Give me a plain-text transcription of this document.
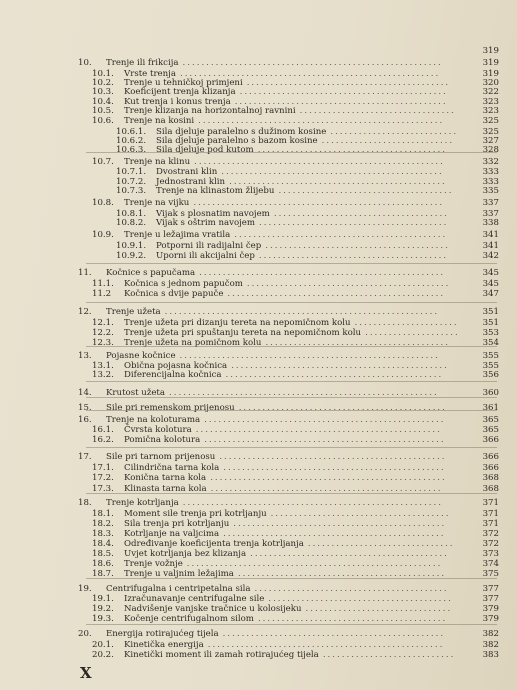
319
10. Trenje ili frikcija .......................................................	319
10.1. Vrste trenja .......................................................	319
10.2. Trenje u tehničkoj primjeni ...........................................	320
10.3. Koeficijent trenja klizanja ............................................	322
10.4. Kut trenja i konus trenja .............................................	323
10.5. Trenje klizanja na horizontalnoj ravnini .................................	323
10.6. Trenje na kosini ....................................................	325
10.6.1. Sila djeluje paralelno s dužinom kosine ...........................	325
10.6.2. Sila djeluje paralelno s bazom kosine ............................	327
10.6.3. Sila djeluje pod kutom ........................................	328
10.7. Trenje na klinu .....................................................	332
10.7.1. Dvostrani klin ...............................................	333
10.7.2. Jednostrani klin ..............................................	333
10.7.3. Trenje na klinastom žlijebu .....................................	335
10.8. Trenje na vijku .....................................................	337
10.8.1. Vijak s plosnatim navojem .....................................	337
10.8.2. Vijak s oštrim navojem ........................................	338
10.9. Trenje u ležajima vratila .............................................	341
10.9.1. Potporni ili radijalni čep .......................................	341
10.9.2. Uporni ili akcijalni čep ........................................	342
11. Kočnice s papučama ....................................................	345
11.1. Kočnica s jednom papučom ...........................................	345
11.2 Kočnica s dvije papuče ..............................................	347
12. Trenje užeta ..........................................................	351
12.1. Trenje užeta pri dizanju tereta na nepomičnom kolu ......................	351
12.2. Trenje užeta pri spuštanju tereta na nepomičnom kolu ....................	353
12.3. Trenje užeta na pomičnom kolu .......................................	354
13. Pojasne kočnice .......................................................	355
13.1. Obična pojasna kočnica ..............................................	355
13.2. Diferencijalna kočnica ..............................................	356
14. Krutost užeta .........................................................	360
15. Sile pri remenskom prijenosu ............................................	361
16. Trenje na koloturama ...................................................	365
16.1. Čvrsta kolotura ....................................................	365
16.2. Pomična kolotura ...................................................	366
17. Sile pri tarnom prijenosu ................................................	366
17.1. Cilindrična tarna kola ...............................................	366
17.2. Konična tarna kola ..................................................	368
17.3. Klinasta tarna kola .................................................	368
18. Trenje kotrljanja .......................................................	371
18.1. Moment sile trenja pri kotrljanju ......................................	371
18.2. Sila trenja pri kotrljanju .............................................	371
18.3. Kotrljanje na valjcima ...............................................	372
18.4. Određivanje koeficijenta trenja kotrljanja ...............................	372
18.5. Uvjet kotrljanja bez klizanja ..........................................	373
18.6. Trenje vožnje ......................................................	374
18.7. Trenje u valjnim ležajima ............................................	375
19. Centrifugalna i centripetalna sila .........................................	377
19.1. Izračunavanje centrifugalne sile .......................................	377
19.2. Nadvišenje vanjske tračnice u kolosijeku ...............................	379
19.3. Kočenje centrifugalnom silom ........................................	379
20. Energija rotirajućeg tijela ...............................................	382
20.1. Kinetička energija ..................................................	382
20.2. Kinetički moment ili zamah rotirajućeg tijela ............................	383
X
